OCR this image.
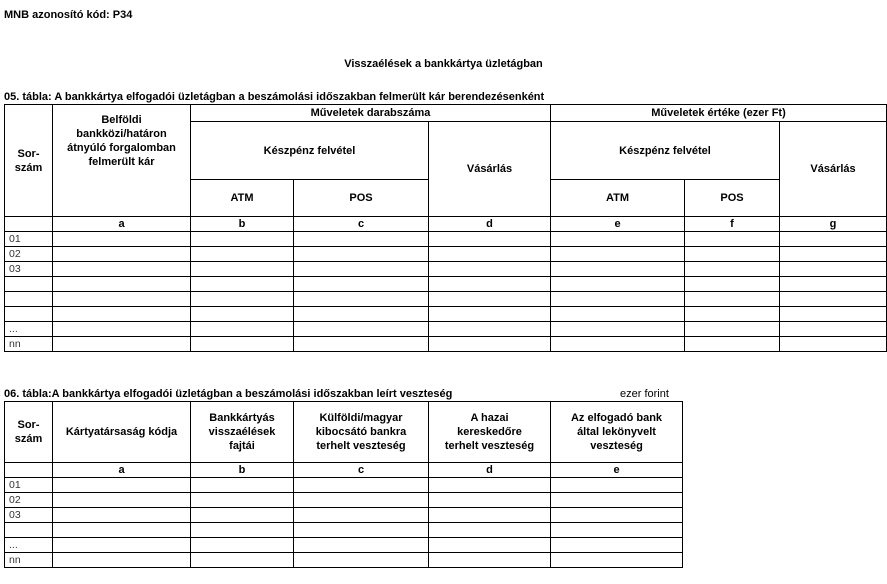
MNB azonosító kód: P34
Visszaélések a bankkártya üzletágban
05. tábla: A bankkártya elfogadói üzletágban a beszámolási időszakban felmerült kár berendezésenként
Sor-
szám	Belföldi
bankközi/határon
átnyúló forgalomban
felmerült kár	Műveletek darabszáma			Műveletek értéke (ezer Ft)		
		Készpénz felvétel		Vásárlás	Készpénz felvétel		Vásárlás
		ATM	POS		ATM	POS	
	a	b	c	d	e	f	g
01							
02							
03							

...							
nn							
06. tábla:A bankkártya elfogadói üzletágban a beszámolási időszakban leírt veszteség	ezer forint
Sor-
szám	Kártyatársaság kódja	Bankkártyás
visszaélések
fajtái	Külföldi/magyar
kibocsátó bankra
terhelt veszteség	A hazai
kereskedőre
terhelt veszteség	Az elfogadó bank
által lekönyvelt
veszteség
	a	b	c	d	e
01					
02					
03					

...					
nn					
